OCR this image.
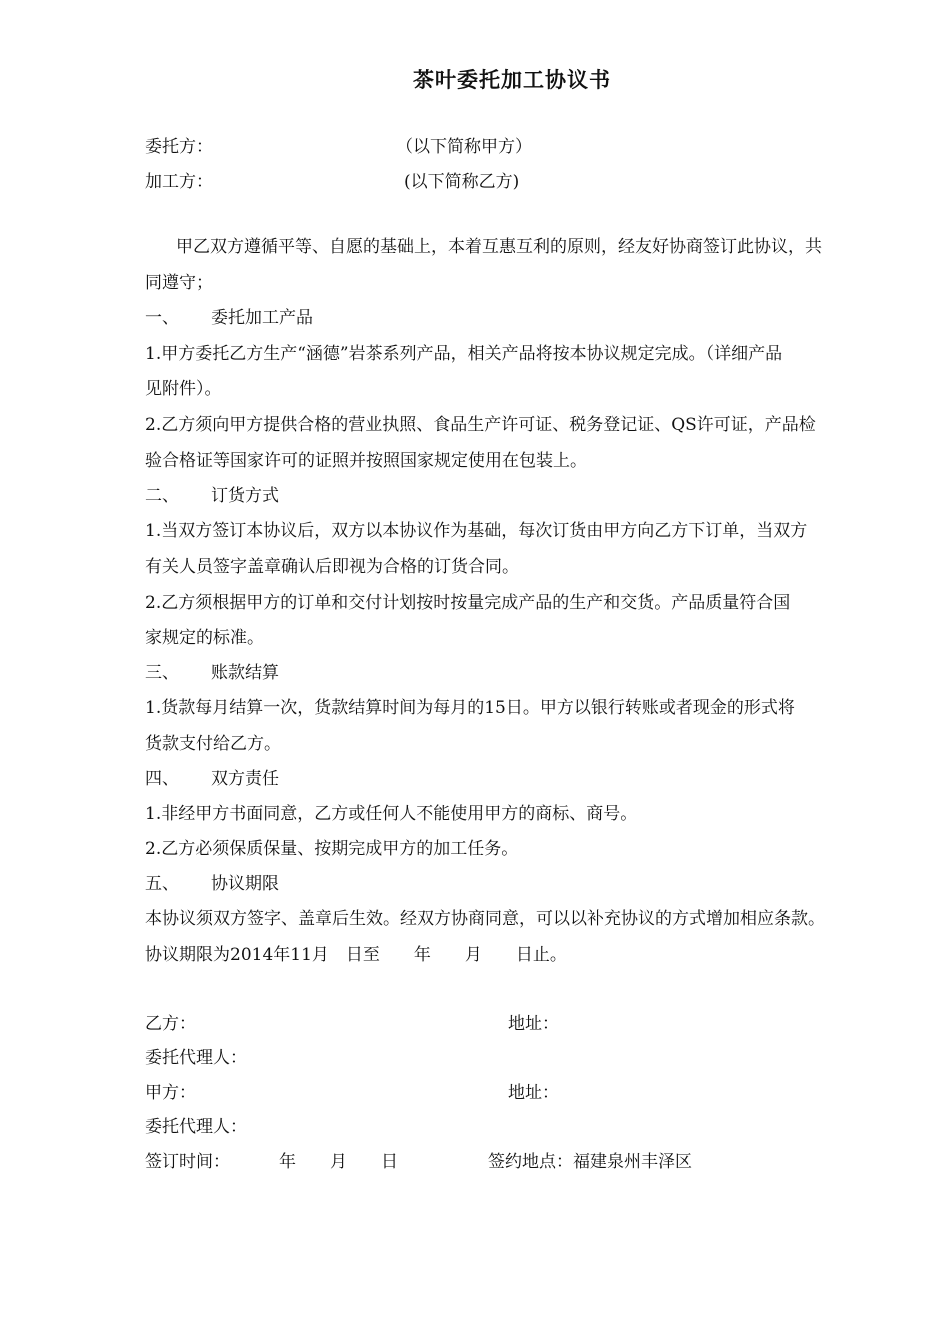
茶叶委托加工协议书
委托方：	（以下简称甲方）
加工方：	(以下简称乙方)
甲乙双方遵循平等、自愿的基础上，本着互惠互利的原则，经友好协商签订此协议，共
同遵守；
一、 委托加工产品
1.甲方委托乙方生产“涵德”岩茶系列产品，相关产品将按本协议规定完成。（详细产品
见附件）。
2.乙方须向甲方提供合格的营业执照、食品生产许可证、税务登记证、QS许可证，产品检
验合格证等国家许可的证照并按照国家规定使用在包装上。
二、 订货方式
1.当双方签订本协议后，双方以本协议作为基础，每次订货由甲方向乙方下订单，当双方
有关人员签字盖章确认后即视为合格的订货合同。
2.乙方须根据甲方的订单和交付计划按时按量完成产品的生产和交货。产品质量符合国
家规定的标准。
三、 账款结算
1.货款每月结算一次，货款结算时间为每月的15日。甲方以银行转账或者现金的形式将
货款支付给乙方。
四、 双方责任
1.非经甲方书面同意，乙方或任何人不能使用甲方的商标、商号。
2.乙方必须保质保量、按期完成甲方的加工任务。
五、 协议期限
本协议须双方签字、盖章后生效。经双方协商同意，可以以补充协议的方式增加相应条款。
协议期限为2014年11月　日至　　年　　月　　日止。
乙方：	地址：
委托代理人：
甲方：	地址：
委托代理人：
签订时间：	年　　月　　日	签约地点：福建泉州丰泽区
